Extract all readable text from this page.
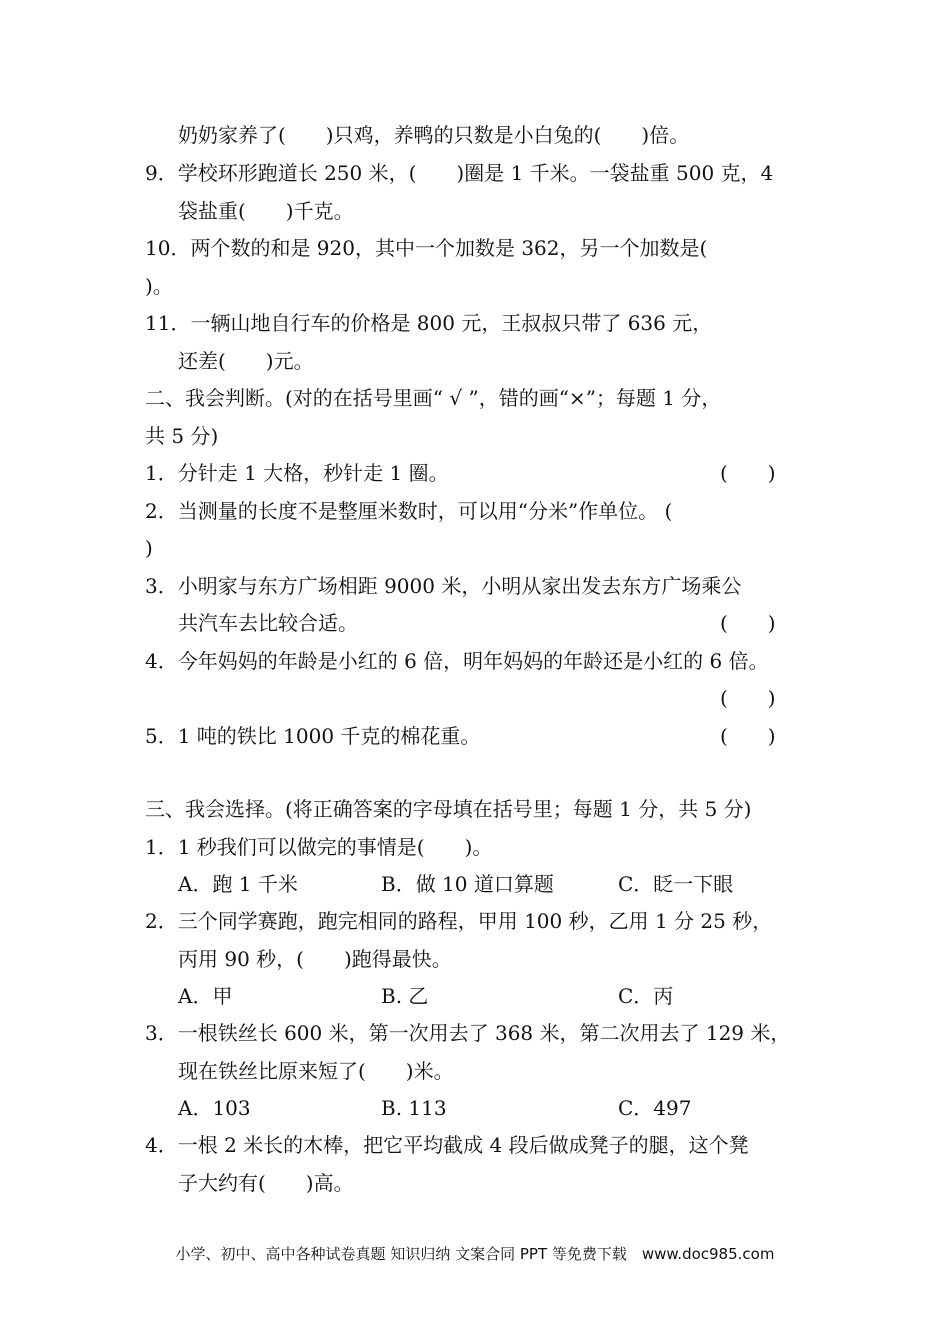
奶奶家养了(　　)只鸡，养鸭的只数是小白兔的(　　)倍。
9．学校环形跑道长 250 米，(　　)圈是 1 千米。一袋盐重 500 克，4
袋盐重(　　)千克。
10．两个数的和是 920，其中一个加数是 362，另一个加数是(
)。
11．一辆山地自行车的价格是 800 元，王叔叔只带了 636 元，
还差(　　)元。
二、我会判断。(对的在括号里画“ √ ”，错的画“×”；每题 1 分，
共 5 分)
1．分针走 1 大格，秒针走 1 圈。	(　　)
2．当测量的长度不是整厘米数时，可以用“分米”作单位。 (
)
3．小明家与东方广场相距 9000 米，小明从家出发去东方广场乘公
共汽车去比较合适。	(　　)
4．今年妈妈的年龄是小红的 6 倍，明年妈妈的年龄还是小红的 6 倍。
(　　)
5．1 吨的铁比 1000 千克的棉花重。	(　　)
三、我会选择。(将正确答案的字母填在括号里；每题 1 分，共 5 分)
1．1 秒我们可以做完的事情是(　　)。
A．跑 1 千米	B．做 10 道口算题	C．眨一下眼
2．三个同学赛跑，跑完相同的路程，甲用 100 秒，乙用 1 分 25 秒，
丙用 90 秒，(　　)跑得最快。
A．甲	B. 乙	C．丙
3．一根铁丝长 600 米，第一次用去了 368 米，第二次用去了 129 米，
现在铁丝比原来短了(　　)米。
A．103	B. 113	C．497
4．一根 2 米长的木棒，把它平均截成 4 段后做成凳子的腿，这个凳
子大约有(　　)高。
小学、初中、高中各种试卷真题 知识归纳 文案合同 PPT 等免费下载　www.doc985.com
